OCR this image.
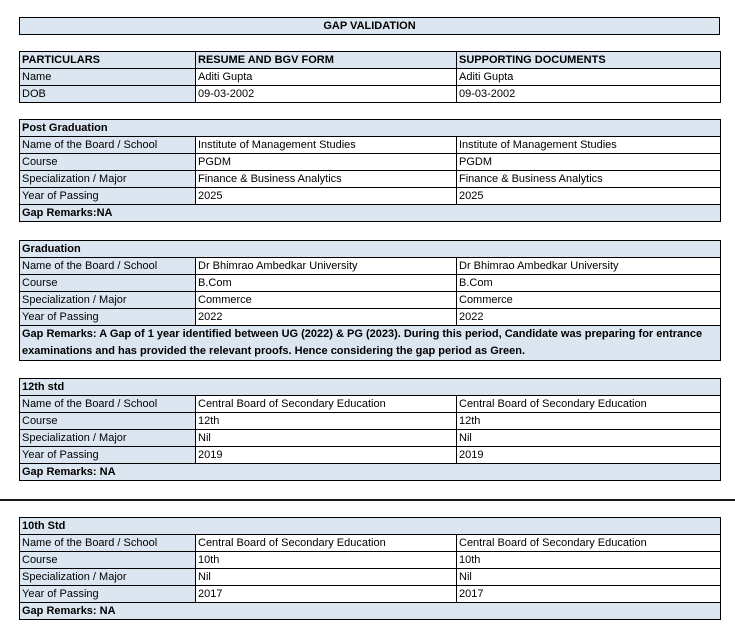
GAP VALIDATION
PARTICULARS	RESUME AND BGV FORM	SUPPORTING DOCUMENTS
Name	Aditi Gupta	Aditi Gupta
DOB	09-03-2002	09-03-2002
Post Graduation		
Name of the Board / School	Institute of Management Studies	Institute of Management Studies
Course	PGDM	PGDM
Specialization / Major	Finance & Business Analytics	Finance & Business Analytics
Year of Passing	2025	2025
Gap Remarks:NA		
Graduation		
Name of the Board / School	Dr Bhimrao Ambedkar University	Dr Bhimrao Ambedkar University
Course	B.Com	B.Com
Specialization / Major	Commerce	Commerce
Year of Passing	2022	2022
Gap Remarks: A Gap of 1 year identified between UG (2022) & PG (2023). During this period, Candidate was preparing for entrance examinations and has provided the relevant proofs. Hence considering the gap period as Green.		
12th std		
Name of the Board / School	Central Board of Secondary Education	Central Board of Secondary Education
Course	12th	12th
Specialization / Major	Nil	Nil
Year of Passing	2019	2019
Gap Remarks: NA		
10th Std		
Name of the Board / School	Central Board of Secondary Education	Central Board of Secondary Education
Course	10th	10th
Specialization / Major	Nil	Nil
Year of Passing	2017	2017
Gap Remarks: NA		
